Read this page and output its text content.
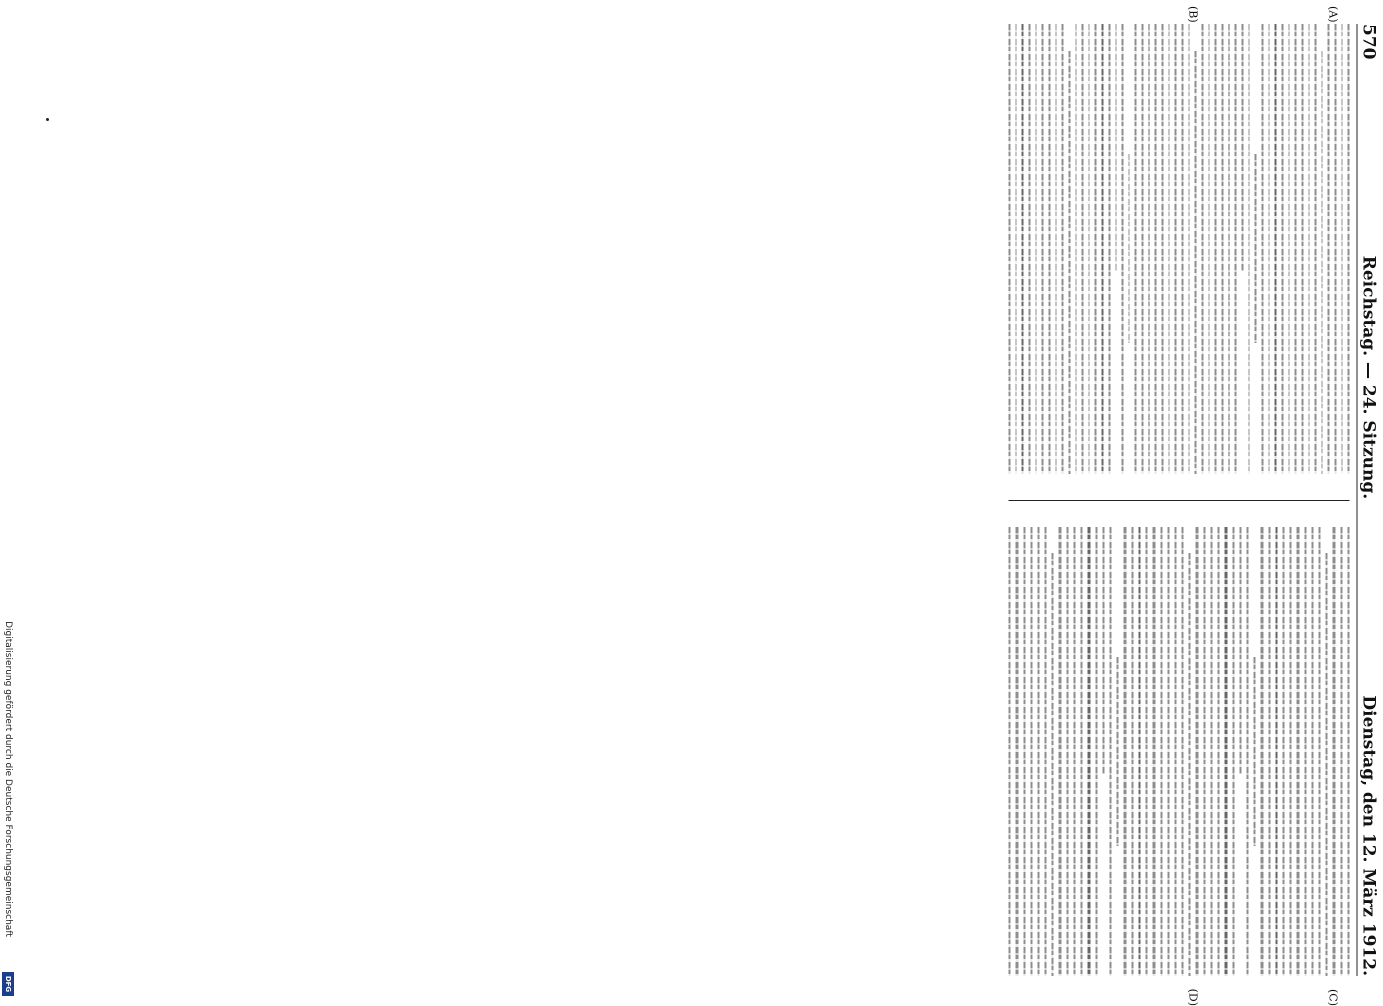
570
Reichstag. — 24. Sitzung.
Dienstag, den 12. März 1912.
(A)
(B)
(C)
(D)
Digitalisierung gefördert durch die Deutsche Forschungsgemeinschaft
DFG
